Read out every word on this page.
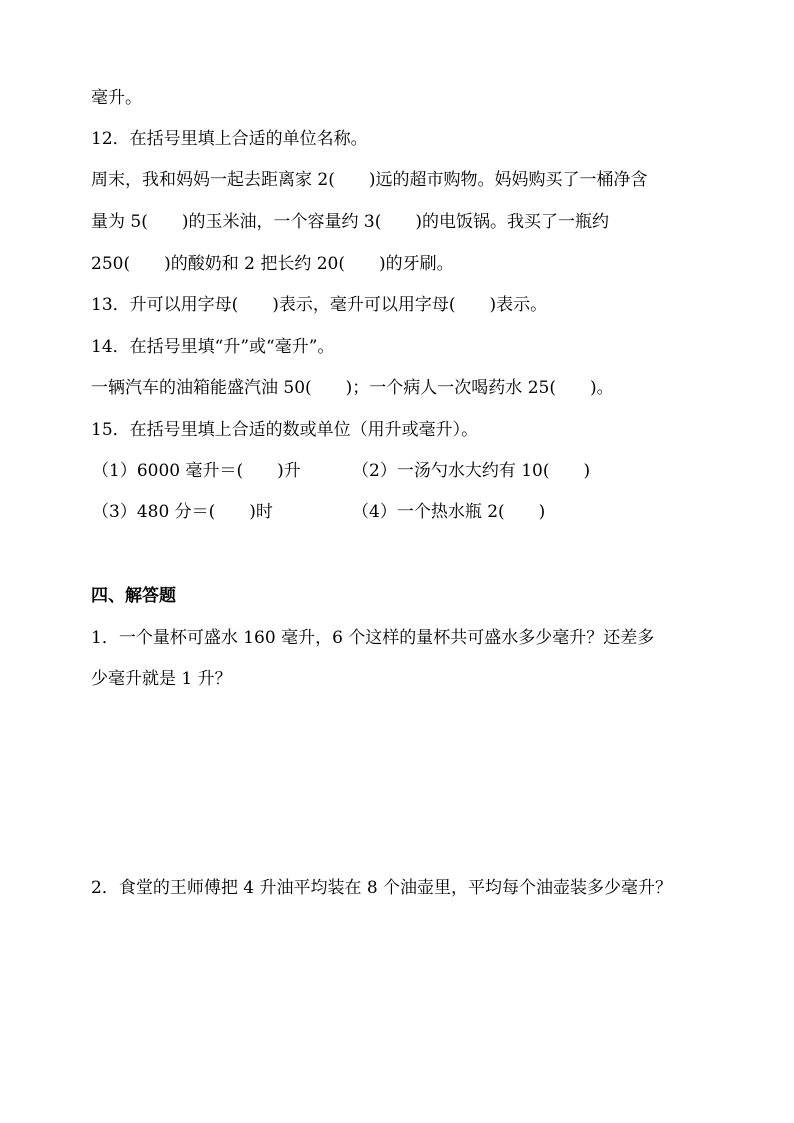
毫升。
12．在括号里填上合适的单位名称。
周末，我和妈妈一起去距离家 2(　　)远的超市购物。妈妈购买了一桶净含
量为 5(　　)的玉米油，一个容量约 3(　　)的电饭锅。我买了一瓶约
250(　　)的酸奶和 2 把长约 20(　　)的牙刷。
13．升可以用字母(　　)表示，毫升可以用字母(　　)表示。
14．在括号里填“升”或“毫升”。
一辆汽车的油箱能盛汽油 50(　　)；一个病人一次喝药水 25(　　)。
15．在括号里填上合适的数或单位（用升或毫升）。
（1）6000 毫升＝(　　)升	（2）一汤勺水大约有 10(　　)
（3）480 分＝(　　)时	（4）一个热水瓶 2(　　)
四、解答题
1．一个量杯可盛水 160 毫升，6 个这样的量杯共可盛水多少毫升？还差多
少毫升就是 1 升？
2．食堂的王师傅把 4 升油平均装在 8 个油壶里，平均每个油壶装多少毫升？
